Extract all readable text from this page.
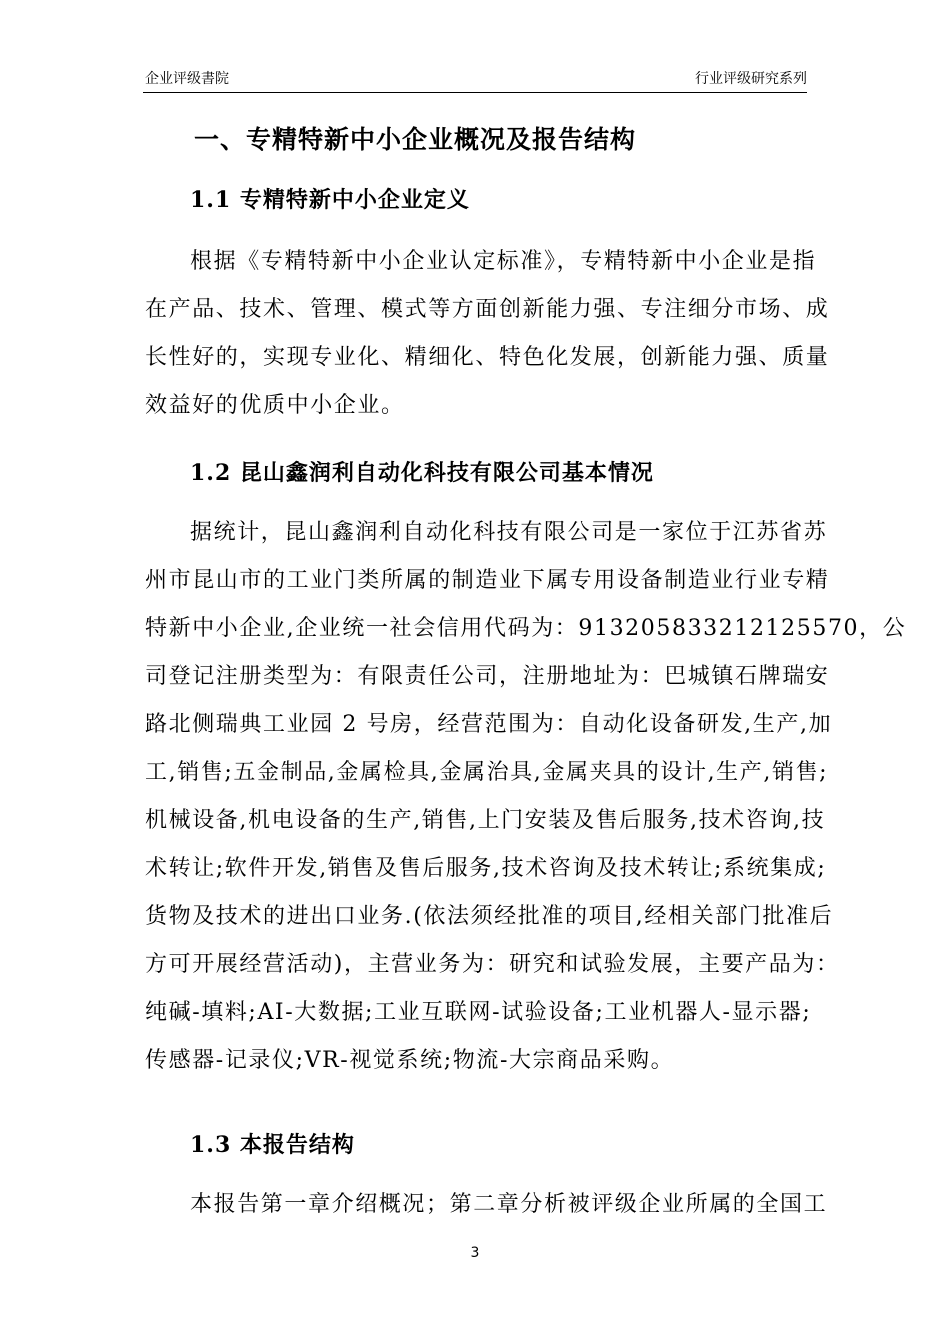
企业评级書院	行业评级研究系列
一、专精特新中小企业概况及报告结构
1.1 专精特新中小企业定义
根据《专精特新中小企业认定标准》，专精特新中小企业是指
在产品、技术、管理、模式等方面创新能力强、专注细分市场、成
长性好的，实现专业化、精细化、特色化发展，创新能力强、质量
效益好的优质中小企业。
1.2 昆山鑫润利自动化科技有限公司基本情况
据统计，昆山鑫润利自动化科技有限公司是一家位于江苏省苏
州市昆山市的工业门类所属的制造业下属专用设备制造业行业专精
特新中小企业,企业统一社会信用代码为：913205833212125570，公
司登记注册类型为：有限责任公司，注册地址为：巴城镇石牌瑞安
路北侧瑞典工业园 2 号房，经营范围为：自动化设备研发,生产,加
工,销售;五金制品,金属检具,金属治具,金属夹具的设计,生产,销售;
机械设备,机电设备的生产,销售,上门安装及售后服务,技术咨询,技
术转让;软件开发,销售及售后服务,技术咨询及技术转让;系统集成;
货物及技术的进出口业务.(依法须经批准的项目,经相关部门批准后
方可开展经营活动)，主营业务为：研究和试验发展，主要产品为：
纯碱-填料;AI-大数据;工业互联网-试验设备;工业机器人-显示器;
传感器-记录仪;VR-视觉系统;物流-大宗商品采购。
1.3 本报告结构
本报告第一章介绍概况；第二章分析被评级企业所属的全国工
3
